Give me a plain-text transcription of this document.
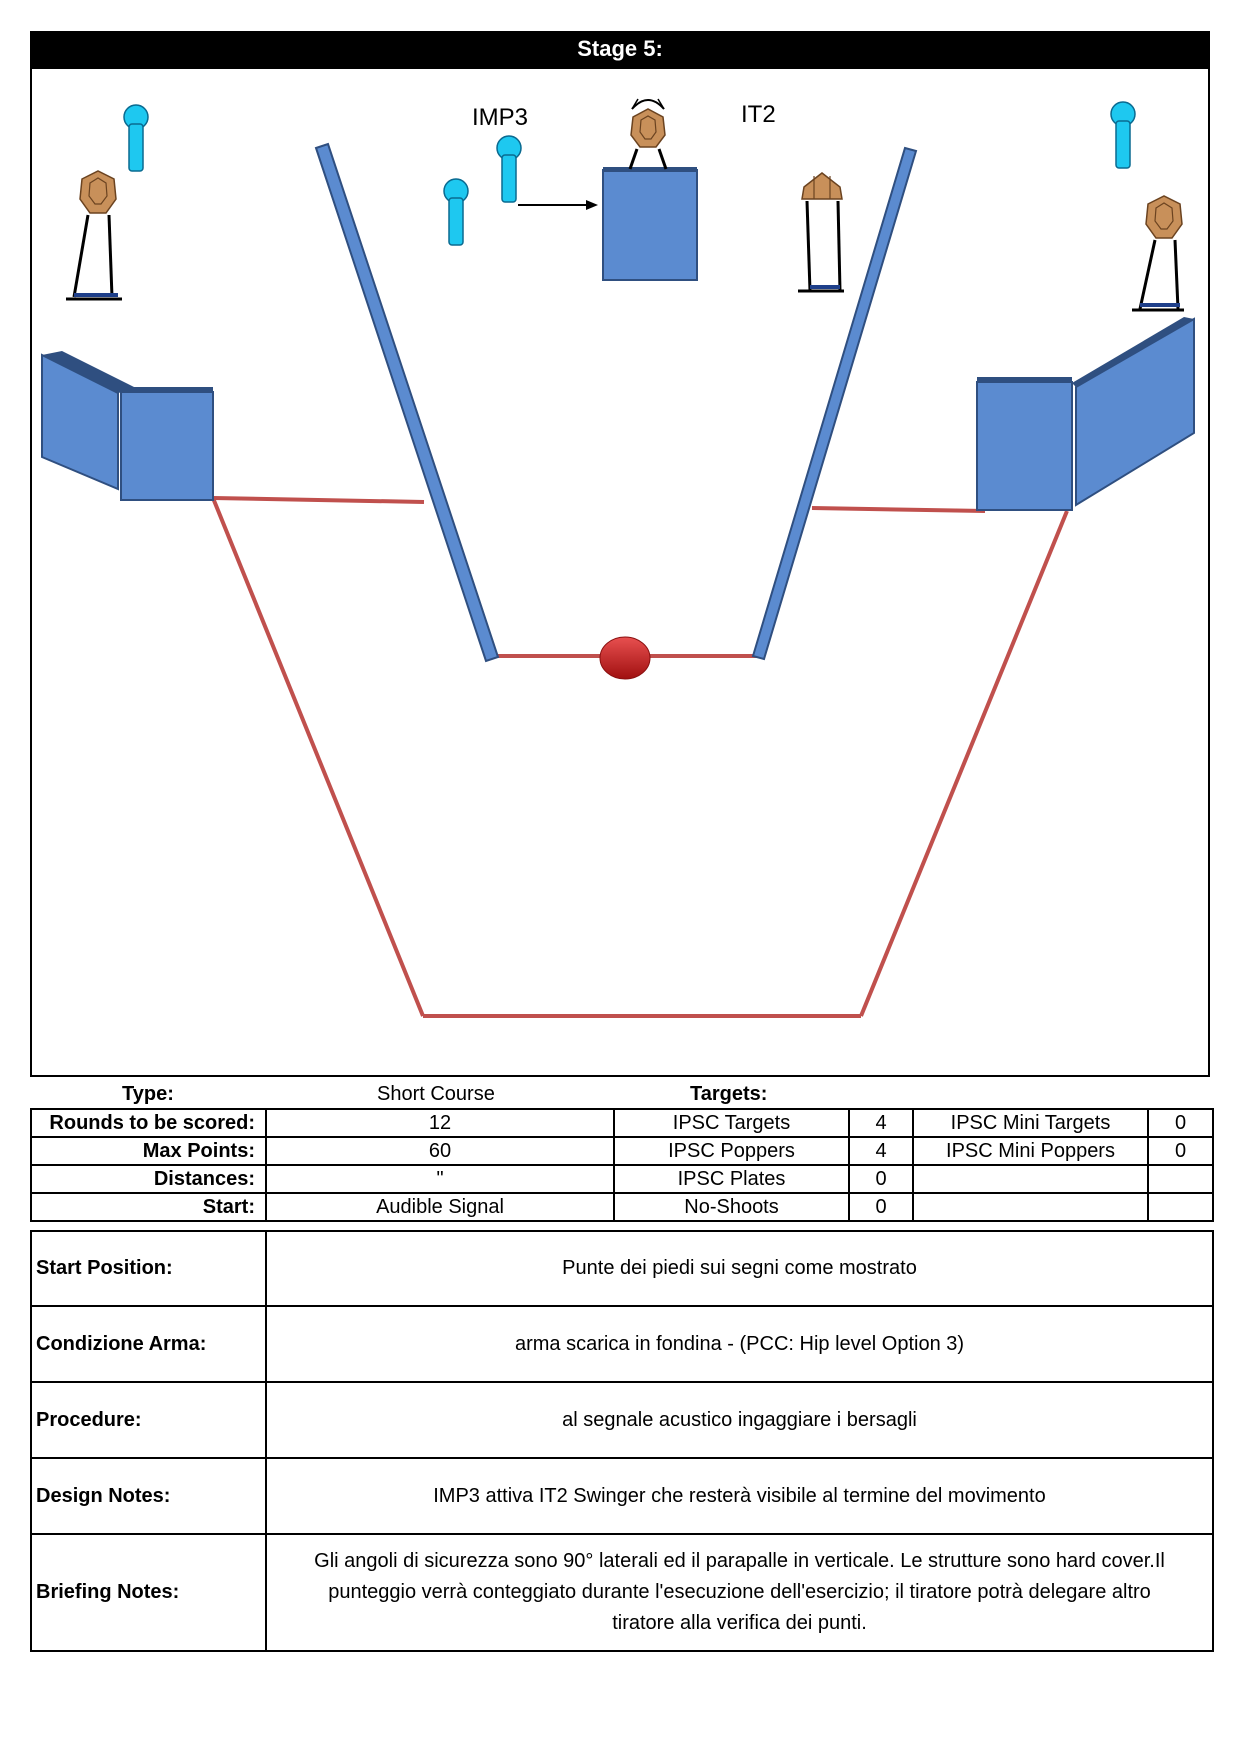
Stage 5:
IMP3	IT2
Type:	Short Course	Targets:
Rounds to be scored:	12	IPSC Targets	4	IPSC Mini Targets	0
Max Points:	60	IPSC Poppers	4	IPSC Mini Poppers	0
Distances:	"	IPSC Plates	0		
Start:	Audible Signal	No-Shoots	0		
Start Position:	Punte dei piedi sui segni come mostrato
Condizione Arma:	arma scarica in fondina - (PCC: Hip level Option 3)
Procedure:	al segnale acustico ingaggiare i bersagli
Design Notes:	IMP3 attiva IT2 Swinger che resterà visibile al termine del movimento
Briefing Notes:	Gli angoli di sicurezza sono 90° laterali ed il parapalle in verticale. Le strutture sono hard cover.Il punteggio verrà conteggiato durante l'esecuzione dell'esercizio; il tiratore potrà delegare altro tiratore alla verifica dei punti.
